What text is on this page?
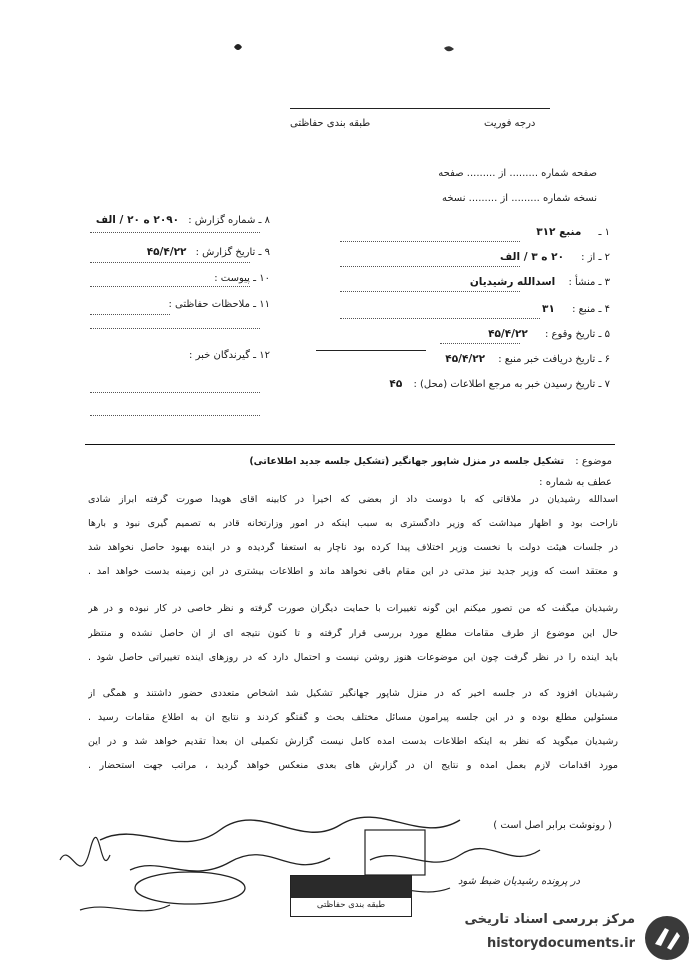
درجه فوریت
طبقه بندی حفاظتی
صفحه شماره ......... از ......... صفحه
نسخه شماره ......... از ......... نسخه
۱ ـ منبع ۳۱۲
۲ ـ از : ۲۰ ه ۳ / الف
۳ ـ منشأ : اسدالله رشیدیان
۴ ـ منبع : ۳۱
۵ ـ تاریخ وقوع : ۴۵/۴/۲۲
۶ ـ تاریخ دریافت خبر منبع : ۴۵/۴/۲۲
۷ ـ تاریخ رسیدن خبر به مرجع اطلاعات (محل) : ۴۵
۸ ـ شماره گزارش : ۲۰۹۰ ه ۲۰ / الف
۹ ـ تاریخ گزارش : ۴۵/۴/۲۲
۱۰ ـ پیوست :
۱۱ ـ ملاحظات حفاظتی :
۱۲ ـ گیرندگان خبر :
موضوع : تشکیل جلسه در منزل شاپور جهانگیر (تشکیل جلسه جدید اطلاعاتی)
عطف به شماره :
اسدالله رشیدیان در ملاقاتی که با دوست داد از بعضی که اخیراً در کابینه آقای هویدا صورت گرفته ابراز شادی
ناراحت بود و اظهار میداشت که وزیر دادگستری به سبب اینکه در امور وزارتخانه قادر به تصمیم گیری نبود و بارها
در جلسات هیئت دولت با نخست وزیر اختلاف پیدا کرده بود ناچار به استعفا گردیده و در آینده بهبود حاصل نخواهد شد
و معتقد است که وزیر جدید نیز مدتی در این مقام باقی نخواهد ماند و اطلاعات بیشتری در این زمینه بدست خواهد آمد .
رشیدیان میگفت که من تصور میکنم این گونه تغییرات با حمایت دیگران صورت گرفته و نظر خاصی در کار نبوده و در هر
حال این موضوع از طرف مقامات مطلع مورد بررسی قرار گرفته و تا کنون نتیجه ای از آن حاصل نشده و منتظر
باید آینده را در نظر گرفت چون این موضوعات هنوز روشن نیست و احتمال دارد که در روزهای آینده تغییراتی حاصل شود .
رشیدیان افزود که در جلسه اخیر که در منزل شاپور جهانگیر تشکیل شد اشخاص متعددی حضور داشتند و همگی از
مسئولین مطلع بوده و در این جلسه پیرامون مسائل مختلف بحث و گفتگو کردند و نتایج آن به اطلاع مقامات رسید .
رشیدیان میگوید که نظر به اینکه اطلاعات بدست آمده کامل نیست گزارش تکمیلی آن بعداً تقدیم خواهد شد و در این
مورد اقدامات لازم بعمل آمده و نتایج آن در گزارش های بعدی منعکس خواهد گردید ، مراتب جهت استحضار .
( رونوشت برابر اصل است )
در پرونده رشیدیان ضبط شود
طبقه بندی حفاظتی
مرکز بررسی اسناد تاریخی
historydocuments.ir
